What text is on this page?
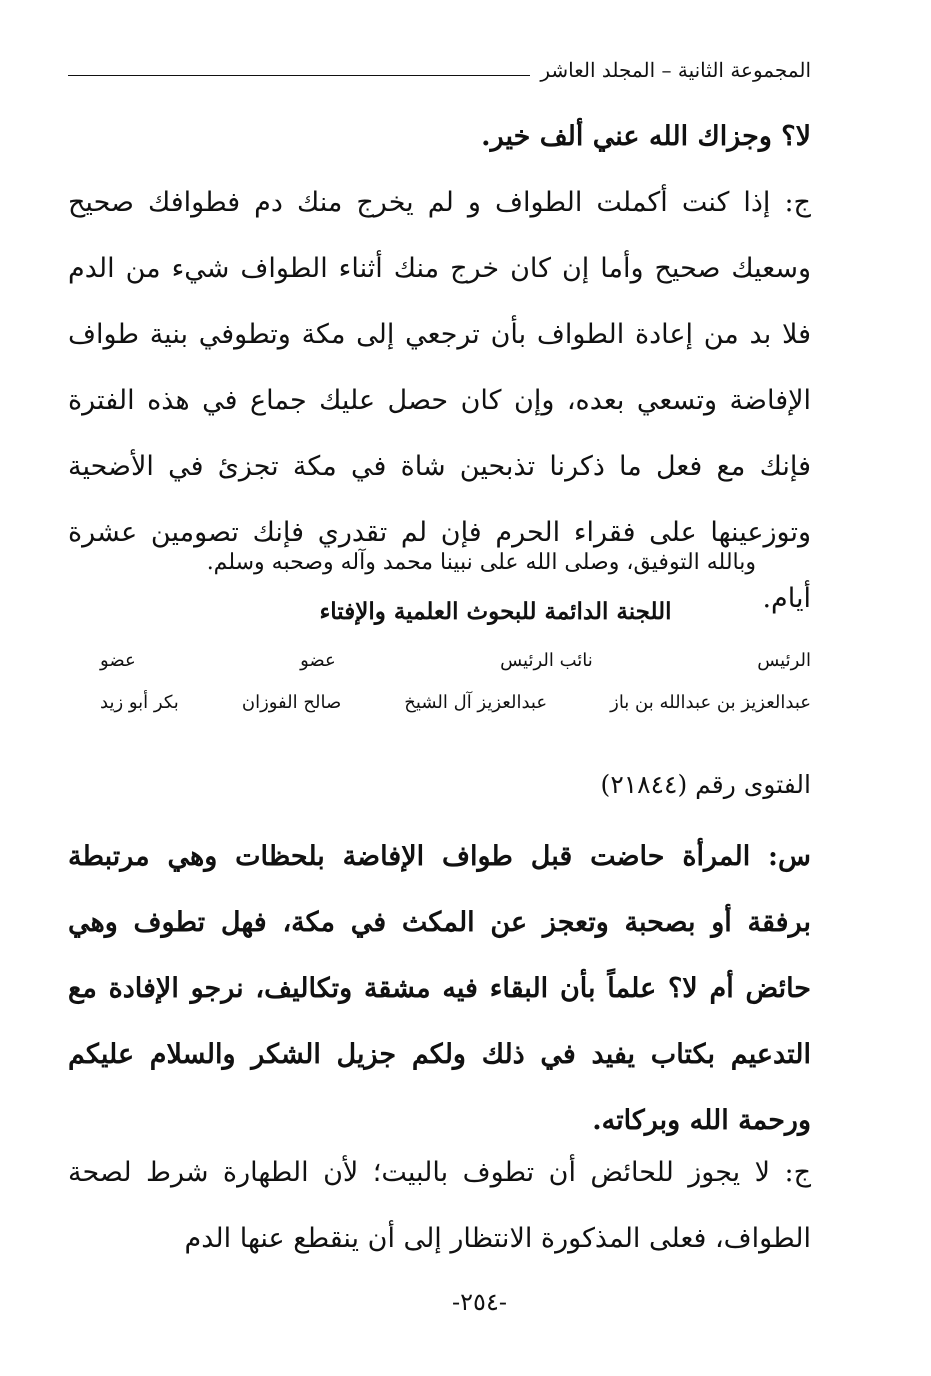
المجموعة الثانية – المجلد العاشر

لا؟ وجزاك الله عني ألف خير.

ج: إذا كنت أكملت الطواف و لم يخرج منك دم فطوافك صحيح وسعيك صحيح وأما إن كان خرج منك أثناء الطواف شيء من الدم فلا بد من إعادة الطواف بأن ترجعي إلى مكة وتطوفي بنية طواف الإفاضة وتسعي بعده، وإن كان حصل عليك جماع في هذه الفترة فإنك مع فعل ما ذكرنا تذبحين شاة في مكة تجزئ في الأضحية وتوزعينها على فقراء الحرم فإن لم تقدري فإنك تصومين عشرة أيام.

وبالله التوفيق، وصلى الله على نبينا محمد وآله وصحبه وسلم.
اللجنة الدائمة للبحوث العلمية والإفتاء
الرئيس
نائب الرئيس
عضو
عضو
عبدالعزيز بن عبدالله بن باز
عبدالعزيز آل الشيخ
صالح الفوزان
بكر أبو زيد
الفتوى رقم (٢١٨٤٤)

س: المرأة حاضت قبل طواف الإفاضة بلحظات وهي مرتبطة برفقة أو بصحبة وتعجز عن المكث في مكة، فهل تطوف وهي حائض أم لا؟ علماً بأن البقاء فيه مشقة وتكاليف، نرجو الإفادة مع التدعيم بكتاب يفيد في ذلك ولكم جزيل الشكر والسلام عليكم ورحمة الله وبركاته.

ج: لا يجوز للحائض أن تطوف بالبيت؛ لأن الطهارة شرط لصحة الطواف، فعلى المذكورة الانتظار إلى أن ينقطع عنها الدم

-٢٥٤-
